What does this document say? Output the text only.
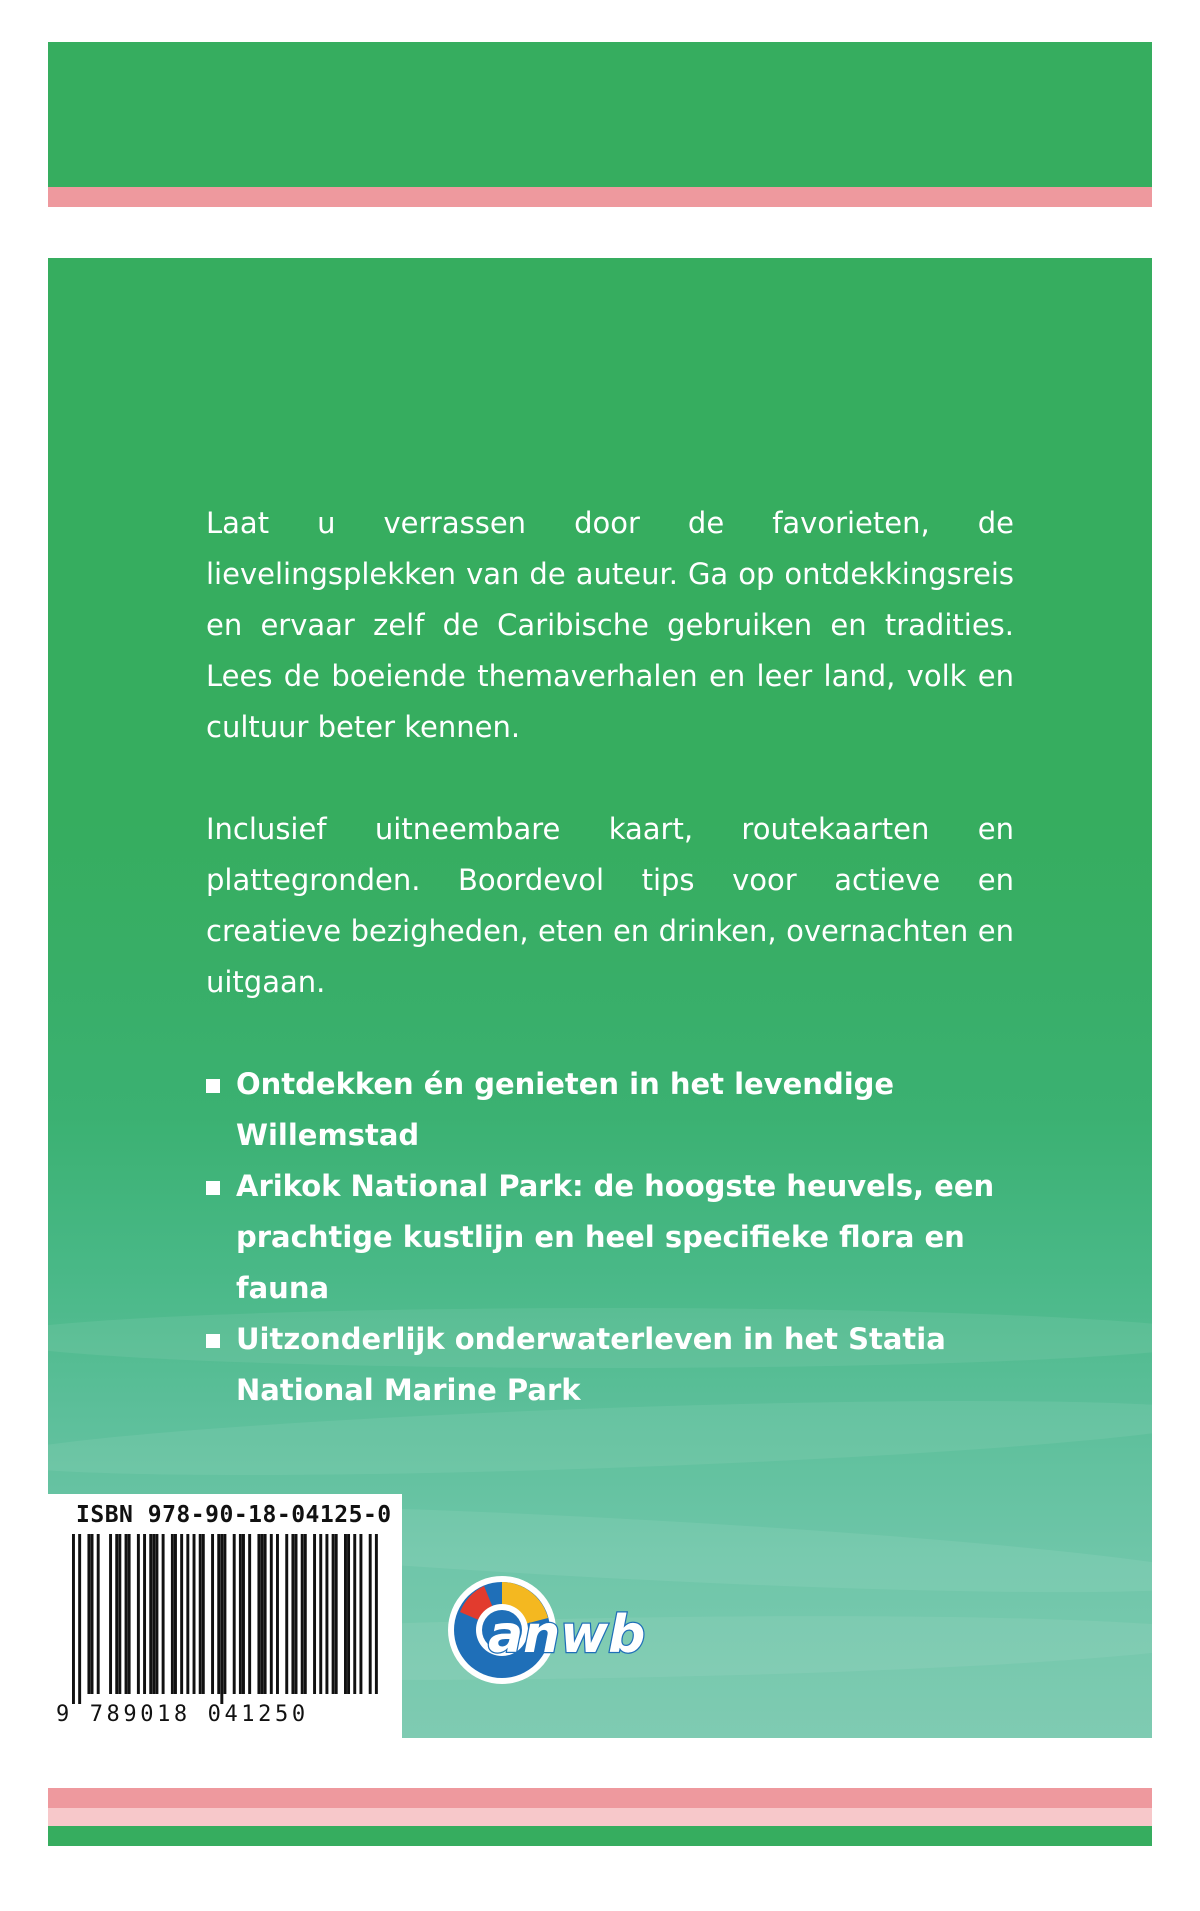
Laat u verrassen door de favorieten, de lievelingsplekken van de auteur. Ga op ontdekkingsreis en ervaar zelf de Caribische gebruiken en tradities. Lees de boeiende themaverhalen en leer land, volk en cultuur beter kennen.

Inclusief uitneembare kaart, routekaarten en plattegronden. Boordevol tips voor actieve en creatieve bezigheden, eten en drinken, overnachten en uitgaan.

Ontdekken én genieten in het levendige Willemstad
Arikok National Park: de hoogste heuvels, een prachtige kustlijn en heel specifieke flora en fauna
Uitzonderlijk onderwaterleven in het Statia National Marine Park
ISBN 978-90-18-04125-0
9 789018 041250
anwb
